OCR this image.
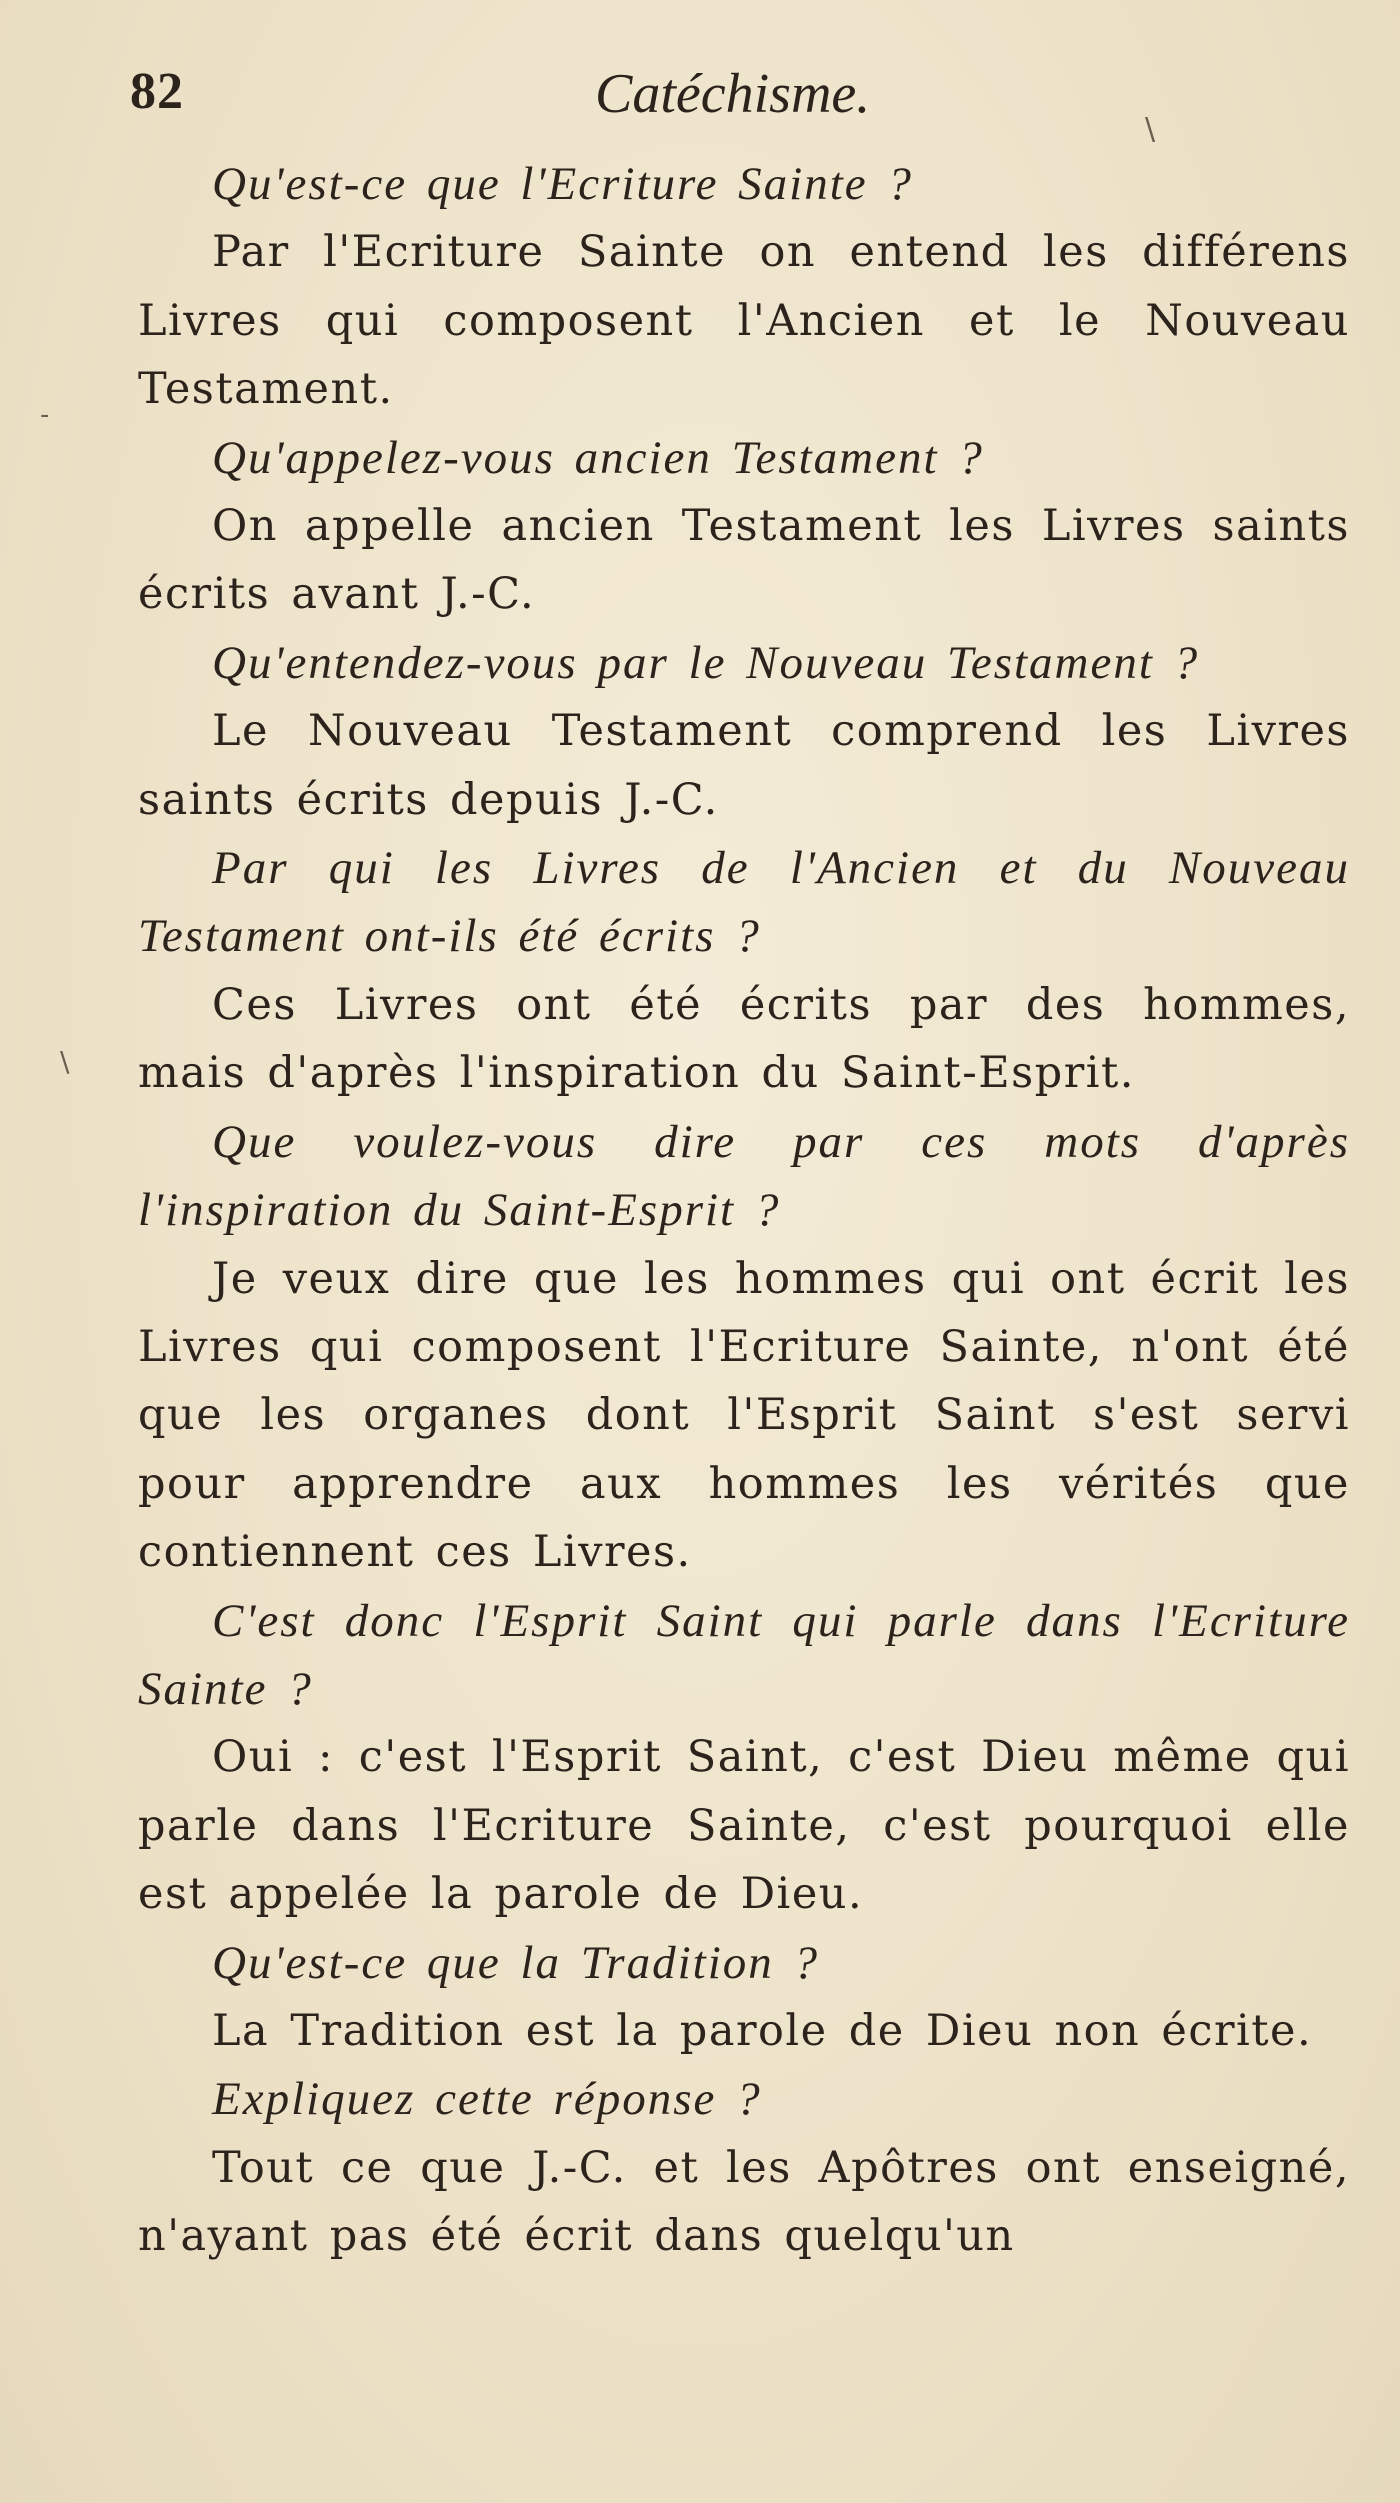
82	Catéchisme.

Qu'est-ce que l'Ecriture Sainte ?

Par l'Ecriture Sainte on entend les différens Livres qui composent l'Ancien et le Nouveau Testament.

Qu'appelez-vous ancien Testament ?

On appelle ancien Testament les Livres saints écrits avant J.-C.

Qu'entendez-vous par le Nouveau Testament ?

Le Nouveau Testament comprend les Livres saints écrits depuis J.-C.

Par qui les Livres de l'Ancien et du Nouveau Testament ont-ils été écrits ?

Ces Livres ont été écrits par des hommes, mais d'après l'inspiration du Saint-Esprit.

Que voulez-vous dire par ces mots d'après l'inspiration du Saint-Esprit ?

Je veux dire que les hommes qui ont écrit les Livres qui composent l'Ecriture Sainte, n'ont été que les organes dont l'Esprit Saint s'est servi pour apprendre aux hommes les vérités que contiennent ces Livres.

C'est donc l'Esprit Saint qui parle dans l'Ecriture Sainte ?

Oui : c'est l'Esprit Saint, c'est Dieu même qui parle dans l'Ecriture Sainte, c'est pourquoi elle est appelée la parole de Dieu.

Qu'est-ce que la Tradition ?

La Tradition est la parole de Dieu non écrite.

Expliquez cette réponse ?

Tout ce que J.-C. et les Apôtres ont enseigné, n'ayant pas été écrit dans quelqu'un

-
\
\
